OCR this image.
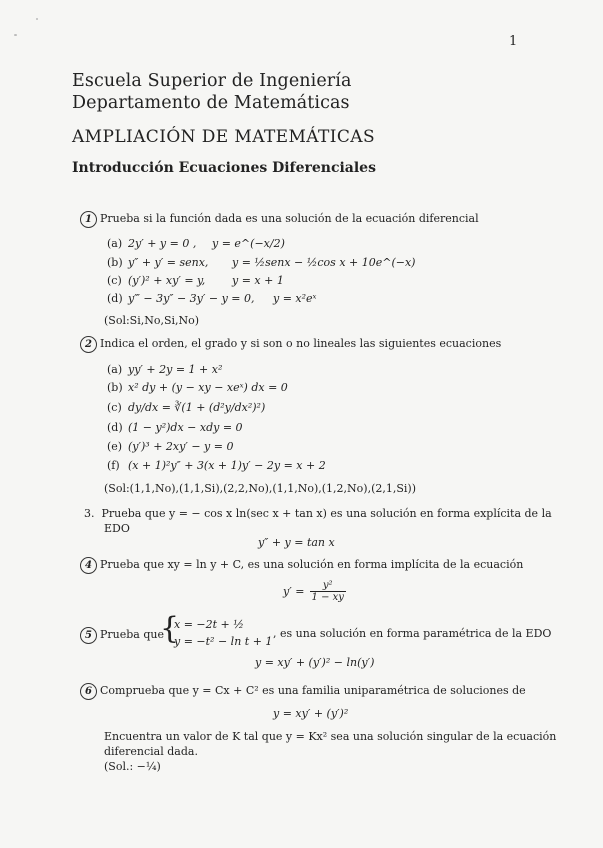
1
Escuela Superior de Ingeniería
Departamento de Matemáticas
AMPLIACIÓN DE MATEMÁTICAS
Introducción Ecuaciones Diferenciales
1 Prueba si la función dada es una solución de la ecuación diferencial
(a) 2y′ + y = 0 , y = e^(−x/2)
(b) y″ + y′ = senx, y = ½senx − ½cos x + 10e^(−x)
(c) (y′)² + xy′ = y, y = x + 1
(d) y‴ − 3y″ − 3y′ − y = 0, y = x²eˣ
(Sol:Si,No,Si,No)
2 Indica el orden, el grado y si son o no lineales las siguientes ecuaciones
(a) yy′ + 2y = 1 + x²
(b) x² dy + (y − xy − xeˣ) dx = 0
(c) dy/dx = ∛(1 + (d²y/dx²)²)
(d) (1 − y²)dx − xdy = 0
(e) (y′)³ + 2xy′ − y = 0
(f) (x + 1)²y″ + 3(x + 1)y′ − 2y = x + 2
(Sol:(1,1,No),(1,1,Si),(2,2,No),(1,1,No),(1,2,No),(2,1,Si))
3. Prueba que y = − cos x ln(sec x + tan x) es una solución en forma explícita de la
EDO
y″ + y = tan x
4 Prueba que xy = ln y + C, es una solución en forma implícita de la ecuación
$y' = \frac{\text{y²}}{1 - xy}$
5 Prueba que
{
x = −2t + ½
y = −t² − ln t + 1
, es una solución en forma paramétrica de la EDO
y = xy′ + (y′)² − ln(y′)
6 Comprueba que y = Cx + C² es una familia uniparamétrica de soluciones de
y = xy′ + (y′)²
Encuentra un valor de K tal que y = Kx² sea una solución singular de la ecuación
diferencial dada.
(Sol.: −¼)
